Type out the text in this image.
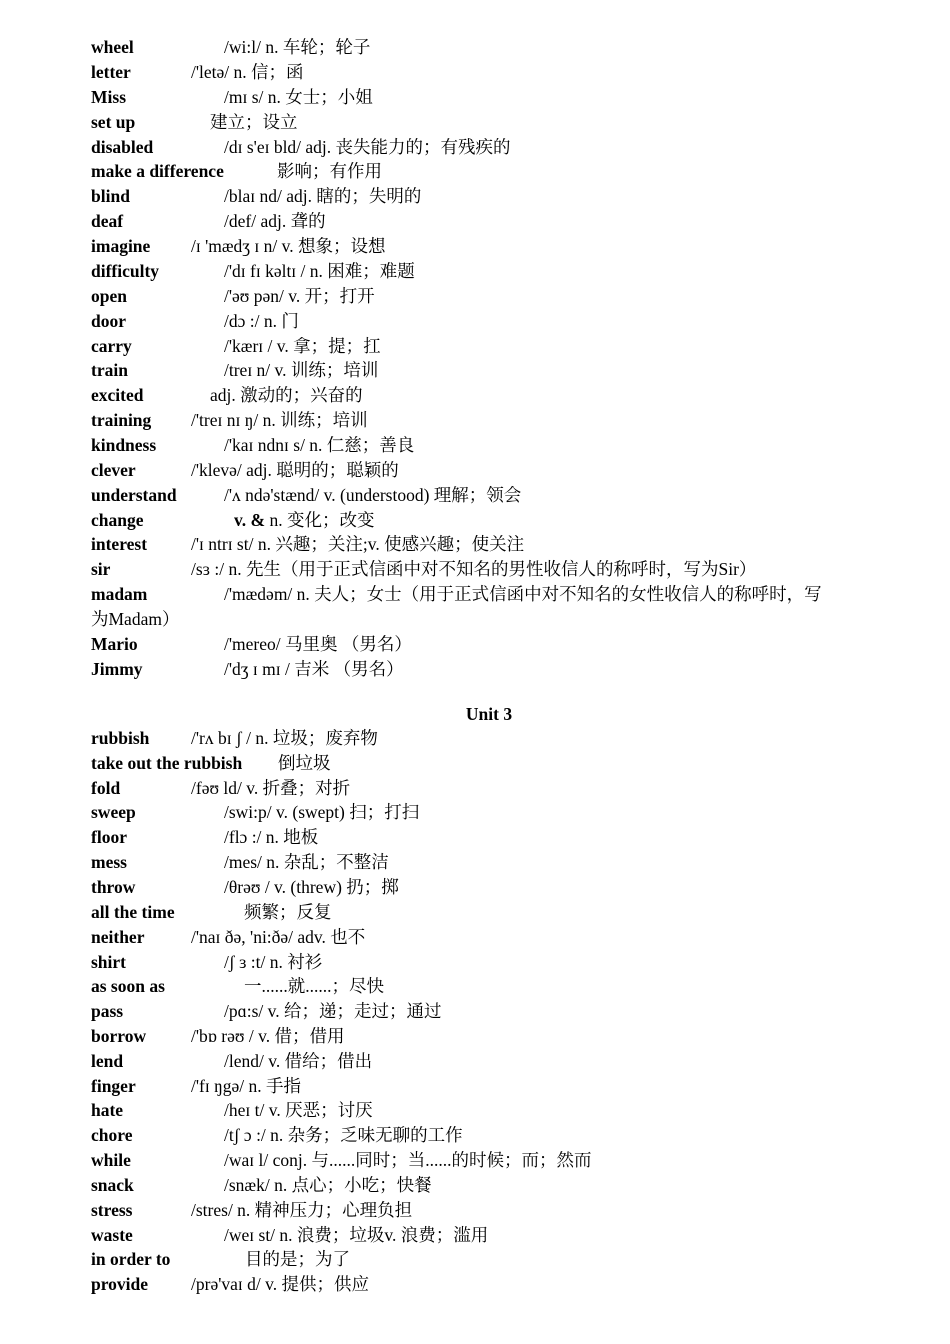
wheel	/wi:l/ n. 车轮；轮子
letter	/'letə/ n. 信；函
Miss	/mɪ s/ n. 女士；小姐
set up	建立；设立
disabled	/dɪ s'eɪ bld/ adj. 丧失能力的；有残疾的
make a difference	影响；有作用
blind	/blaɪ nd/ adj. 瞎的；失明的
deaf	/def/ adj. 聋的
imagine /ɪ 'mædʒ ɪ n/ v. 想象；设想
difficulty	/'dɪ fɪ kəltɪ / n. 困难；难题
open	/'əʊ pən/ v. 开；打开
door	/dɔ :/ n. 门
carry	/'kærɪ / v. 拿；提；扛
train	/treɪ n/ v. 训练；培训
excited	adj. 激动的；兴奋的
training /'treɪ nɪ ŋ/ n. 训练；培训
kindness	/'kaɪ ndnɪ s/ n. 仁慈；善良
clever	/'klevə/ adj. 聪明的；聪颖的
understand	/'ʌ ndə'stænd/ v. (understood) 理解；领会
change	v. & n. 变化；改变
interest	/'ɪ ntrɪ st/ n. 兴趣；关注;v. 使感兴趣；使关注
sir	/sɜ :/ n. 先生（用于正式信函中对不知名的男性收信人的称呼时，写为Sir）
madam	/'mædəm/ n. 夫人；女士（用于正式信函中对不知名的女性收信人的称呼时，写
为Madam）
Mario	/'mereo/ 马里奥 （男名）
Jimmy	/'dʒ ɪ mɪ / 吉米 （男名）
Unit 3
rubbish /'rʌ bɪ ʃ / n. 垃圾；废弃物
take out the rubbish 倒垃圾
fold	/fəʊ ld/ v. 折叠；对折
sweep	/swi:p/ v. (swept) 扫；打扫
floor	/flɔ :/ n. 地板
mess	/mes/ n. 杂乱；不整洁
throw	/θrəʊ / v. (threw) 扔；掷
all the time	频繁；反复
neither	/'naɪ ðə, 'ni:ðə/ adv. 也不
shirt	/ʃ ɜ :t/ n. 衬衫
as soon as	一......就......；尽快
pass	/pɑ:s/ v. 给；递；走过；通过
borrow	/'bɒ rəʊ / v. 借；借用
lend	/lend/ v. 借给；借出
finger	/'fɪ ŋgə/ n. 手指
hate	/heɪ t/ v. 厌恶；讨厌
chore	/tʃ ɔ :/ n. 杂务；乏味无聊的工作
while	/waɪ l/ conj. 与......同时；当......的时候；而；然而
snack	/snæk/ n. 点心；小吃；快餐
stress	/stres/ n. 精神压力；心理负担
waste	/weɪ st/ n. 浪费；垃圾v. 浪费；滥用
in order to	目的是；为了
provide /prə'vaɪ d/ v. 提供；供应
